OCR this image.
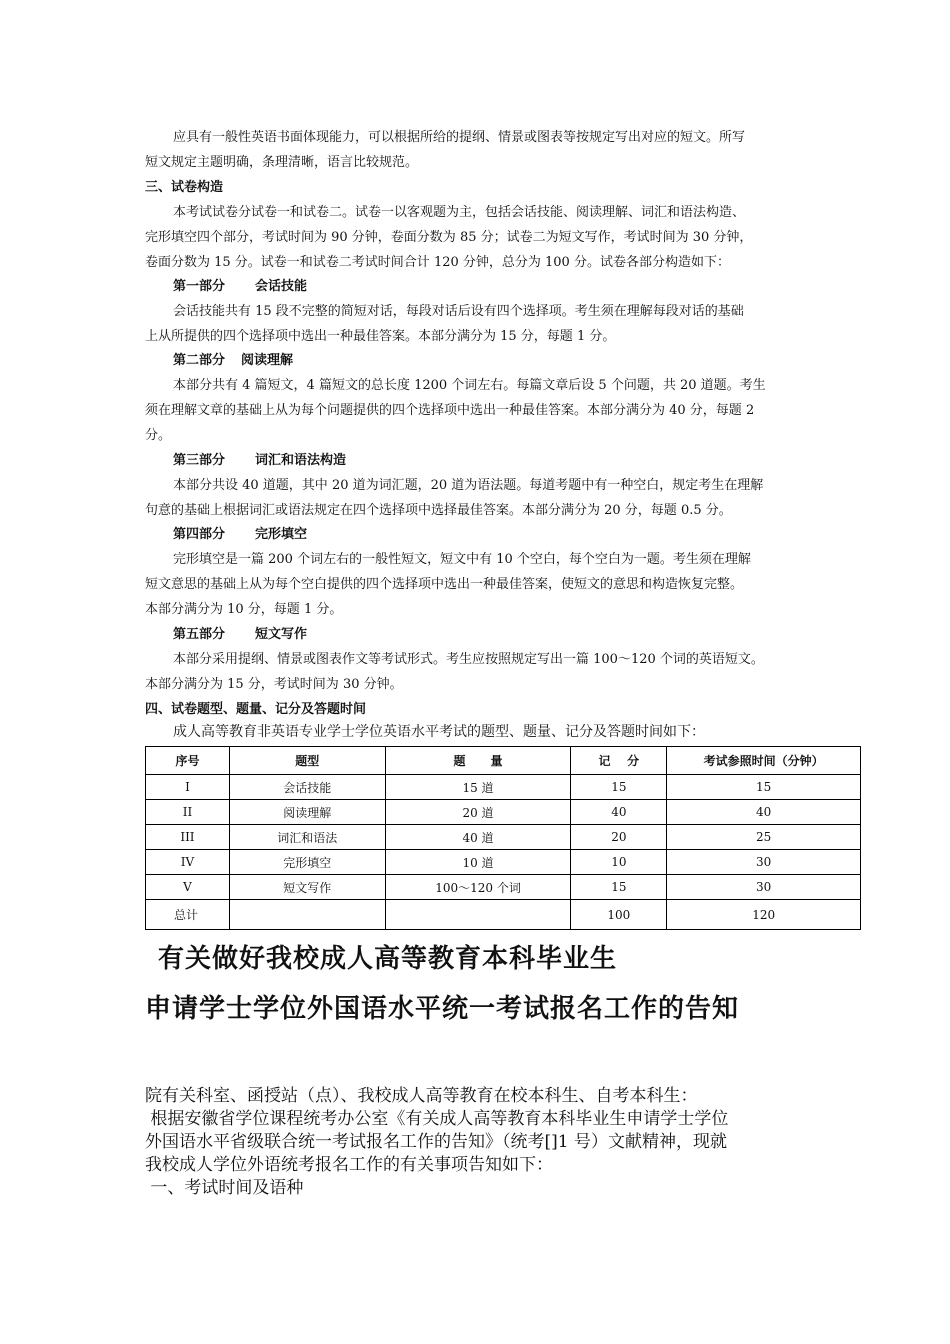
应具有一般性英语书面体现能力，可以根据所给的提纲、情景或图表等按规定写出对应的短文。所写
短文规定主题明确，条理清晰，语言比较规范。
三、试卷构造
本考试试卷分试卷一和试卷二。试卷一以客观题为主，包括会话技能、阅读理解、词汇和语法构造、
完形填空四个部分，考试时间为 90 分钟，卷面分数为 85 分；试卷二为短文写作，考试时间为 30 分钟，
卷面分数为 15 分。试卷一和试卷二考试时间合计 120 分钟，总分为 100 分。试卷各部分构造如下：
第一部分 会话技能
会话技能共有 15 段不完整的简短对话，每段对话后设有四个选择项。考生须在理解每段对话的基础
上从所提供的四个选择项中选出一种最佳答案。本部分满分为 15 分，每题 1 分。
第二部分 阅读理解
本部分共有 4 篇短文，4 篇短文的总长度 1200 个词左右。每篇文章后设 5 个问题，共 20 道题。考生
须在理解文章的基础上从为每个问题提供的四个选择项中选出一种最佳答案。本部分满分为 40 分，每题 2
分。
第三部分 词汇和语法构造
本部分共设 40 道题，其中 20 道为词汇题，20 道为语法题。每道考题中有一种空白，规定考生在理解
句意的基础上根据词汇或语法规定在四个选择项中选择最佳答案。本部分满分为 20 分，每题 0.5 分。
第四部分 完形填空
完形填空是一篇 200 个词左右的一般性短文，短文中有 10 个空白，每个空白为一题。考生须在理解
短文意思的基础上从为每个空白提供的四个选择项中选出一种最佳答案，使短文的意思和构造恢复完整。
本部分满分为 10 分，每题 1 分。
第五部分 短文写作
本部分采用提纲、情景或图表作文等考试形式。考生应按照规定写出一篇 100～120 个词的英语短文。
本部分满分为 15 分，考试时间为 30 分钟。
四、试卷题型、题量、记分及答题时间
成人高等教育非英语专业学士学位英语水平考试的题型、题量、记分及答题时间如下：
序号	题型	题      量	记    分	考试参照时间（分钟）
I	会话技能	15 道	15	15
II	阅读理解	20 道	40	40
III	词汇和语法	40 道	20	25
IV	完形填空	10 道	10	30
V	短文写作	100～120 个词	15	30
总计			100	120
有关做好我校成人高等教育本科毕业生
申请学士学位外国语水平统一考试报名工作的告知
院有关科室、函授站（点）、我校成人高等教育在校本科生、自考本科生：
根据安徽省学位课程统考办公室《有关成人高等教育本科毕业生申请学士学位
外国语水平省级联合统一考试报名工作的告知》（统考[]1 号）文献精神，现就
我校成人学位外语统考报名工作的有关事项告知如下：
一、考试时间及语种
